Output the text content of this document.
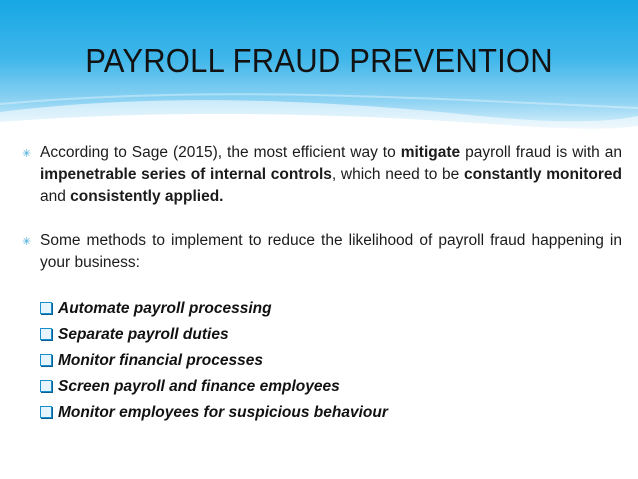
PAYROLL FRAUD PREVENTION
✳ According to Sage (2015), the most efficient way to mitigate payroll fraud is with an impenetrable series of internal controls, which need to be constantly monitored and consistently applied.

✳ Some methods to implement to reduce the likelihood of payroll fraud happening in your business:

Automate payroll processing
Separate payroll duties
Monitor financial processes
Screen payroll and finance employees
Monitor employees for suspicious behaviour
